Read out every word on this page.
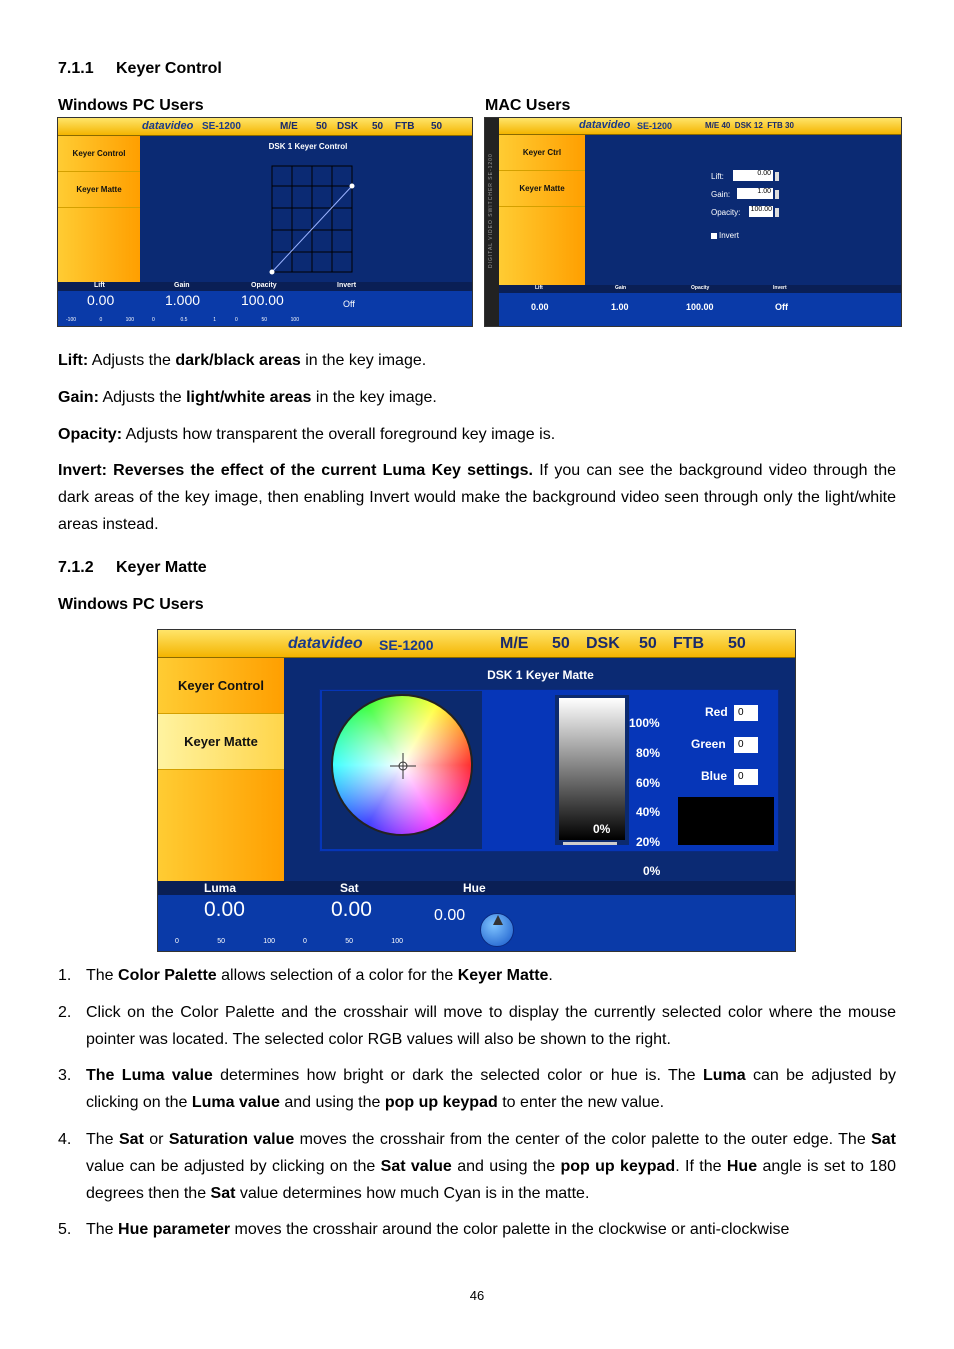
7.1.1 Keyer Control
Windows PC Users	MAC Users
datavideo SE-1200	M/E 50 DSK 50 FTB 50
Keyer Control
Keyer Matte
DSK 1 Keyer Control
Lift	Gain	Opacity	Invert
0.00	1.000	100.00	Off
-100	0	100	0	0.5	1	0	50	100
DIGITAL VIDEO SWITCHER SE-1200
datavideo SE-1200	M/E 40  DSK 12  FTB 30
Keyer Ctrl
Keyer Matte
Lift:	0.00
Gain:	1.00
Opacity: 100.00
Invert
Lift	Gain	Opacity	Invert
0.00	1.00	100.00	Off
Lift: Adjusts the dark/black areas in the key image.
Gain: Adjusts the light/white areas in the key image.
Opacity: Adjusts how transparent the overall foreground key image is.
Invert: Reverses the effect of the current Luma Key settings. If you can see the background video through the dark areas of the key image, then enabling Invert would make the background video seen through only the light/white areas instead.
7.1.2 Keyer Matte
Windows PC Users
datavideo SE-1200	M/E 50 DSK 50 FTB 50
Keyer Control
Keyer Matte
DSK 1 Keyer Matte
0%
100%
80%
60%
40%
20%
0%
Red	0
Green	0
Blue	0
Luma	Sat	Hue
0.00	0.00	0.00
0	50	100	0	50	100
1. The Color Palette allows selection of a color for the Keyer Matte.
2. Click on the Color Palette and the crosshair will move to display the currently selected color where the mouse pointer was located. The selected color RGB values will also be shown to the right.
3. The Luma value determines how bright or dark the selected color or hue is. The Luma can be adjusted by clicking on the Luma value and using the pop up keypad to enter the new value.
4. The Sat or Saturation value moves the crosshair from the center of the color palette to the outer edge. The Sat value can be adjusted by clicking on the Sat value and using the pop up keypad. If the Hue angle is set to 180 degrees then the Sat value determines how much Cyan is in the matte.
5. The Hue parameter moves the crosshair around the color palette in the clockwise or anti-clockwise
46
